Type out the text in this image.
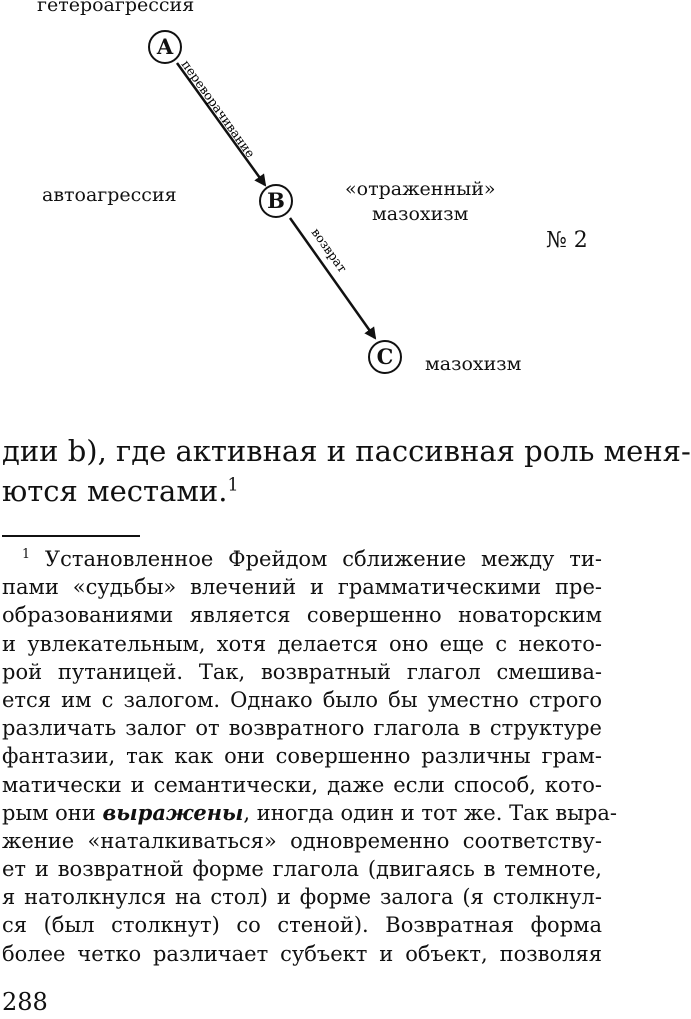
переворачивание
возврат
гетероагрессия
автоагрессия	«отраженный»
мазохизм
№ 2
мазохизм
A
B
C
дии b), где активная и пассивная роль меня-
ются местами.$^1$
$^1$ Установленное Фрейдом сближение между ти-
пами «судьбы» влечений и грамматическими пре-
образованиями является совершенно новаторским
и увлекательным, хотя делается оно еще с некото-
рой путаницей. Так, возвратный глагол смешива-
ется им с залогом. Однако было бы уместно строго
различать залог от возвратного глагола в структуре
фантазии, так как они совершенно различны грам-
матически и семантически, даже если способ, кото-
рым они выражены, иногда один и тот же. Так выра-
жение «наталкиваться» одновременно соответству-
ет и возвратной форме глагола (двигаясь в темноте,
я натолкнулся на стол) и форме залога (я столкнул-
ся (был столкнут) со стеной). Возвратная форма
более четко различает субъект и объект, позволяя
288
